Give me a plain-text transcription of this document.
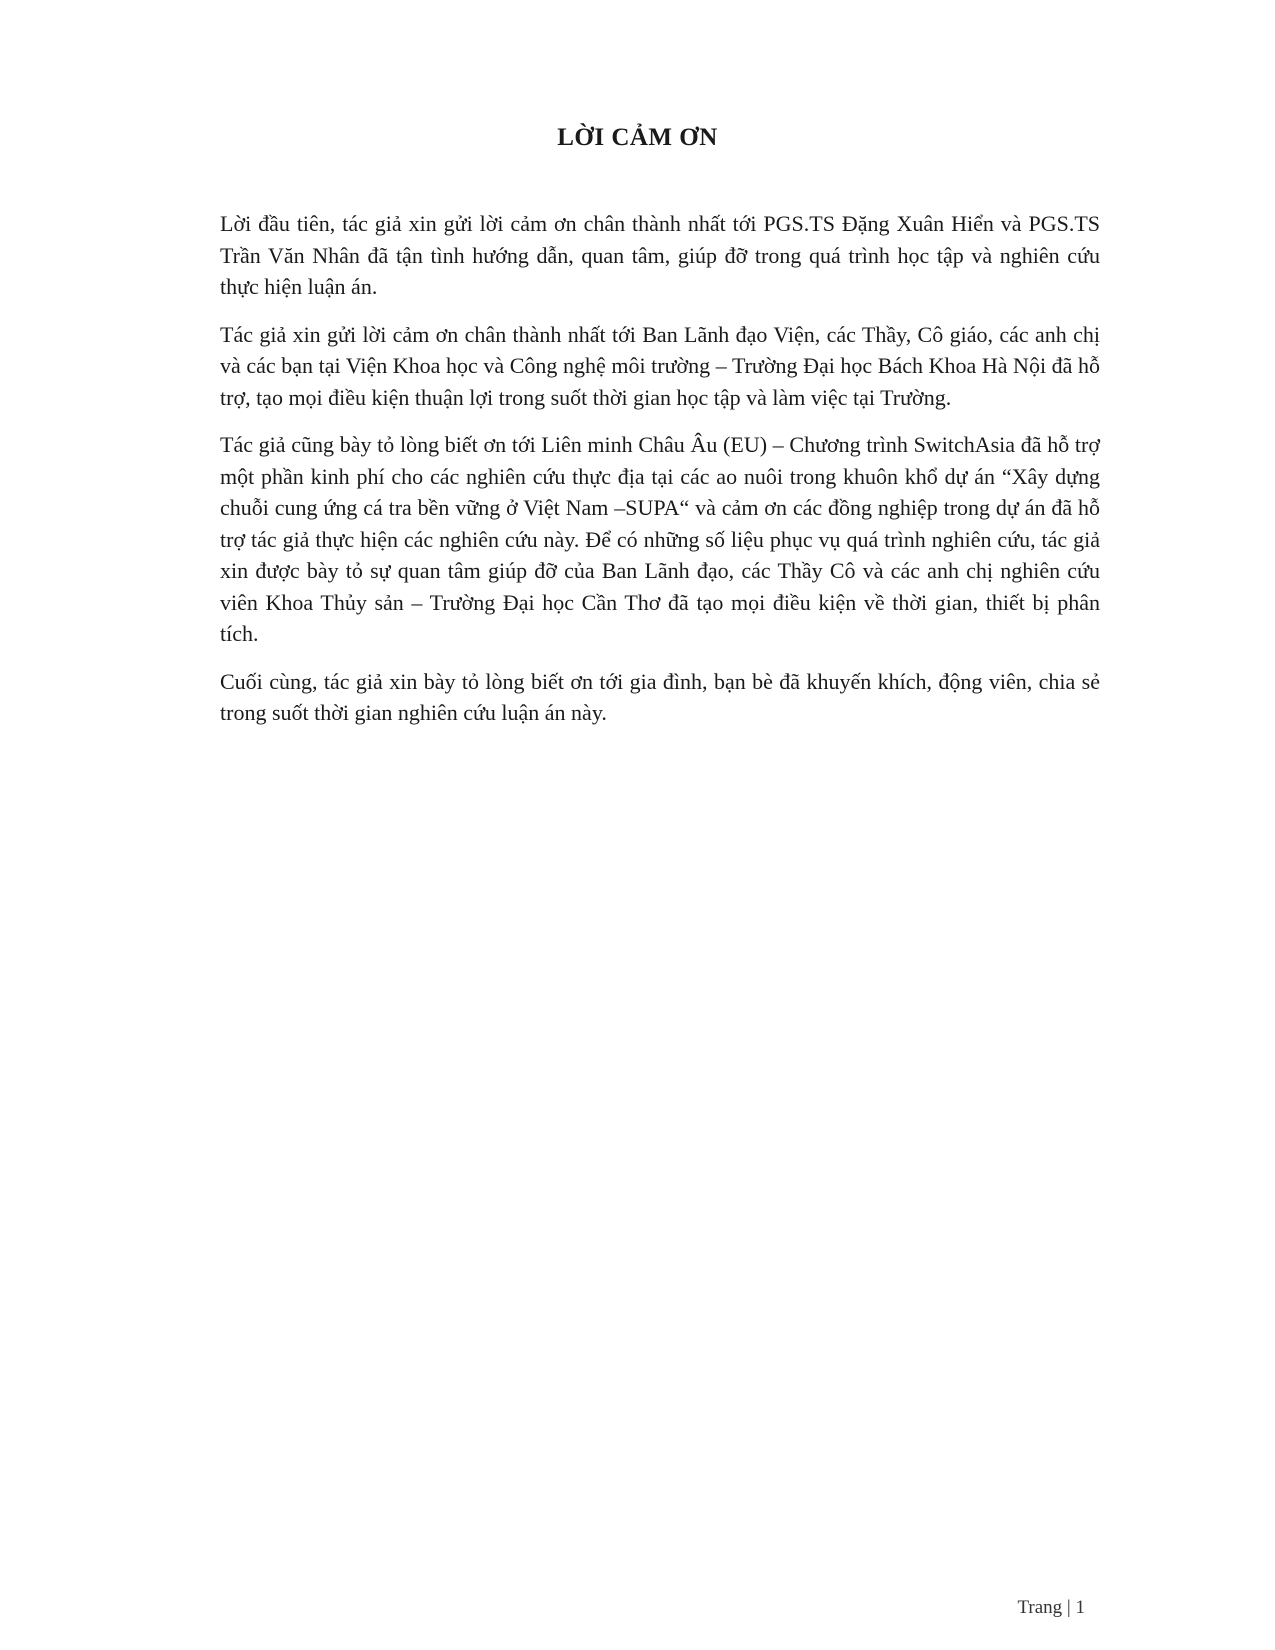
LỜI CẢM ƠN

Lời đầu tiên, tác giả xin gửi lời cảm ơn chân thành nhất tới PGS.TS Đặng Xuân Hiển và PGS.TS Trần Văn Nhân đã tận tình hướng dẫn, quan tâm, giúp đỡ trong quá trình học tập và nghiên cứu thực hiện luận án.

Tác giả xin gửi lời cảm ơn chân thành nhất tới Ban Lãnh đạo Viện, các Thầy, Cô giáo, các anh chị và các bạn tại Viện Khoa học và Công nghệ môi trường – Trường Đại học Bách Khoa Hà Nội đã hỗ trợ, tạo mọi điều kiện thuận lợi trong suốt thời gian học tập và làm việc tại Trường.

Tác giả cũng bày tỏ lòng biết ơn tới Liên minh Châu Âu (EU) – Chương trình SwitchAsia đã hỗ trợ một phần kinh phí cho các nghiên cứu thực địa tại các ao nuôi trong khuôn khổ dự án “Xây dựng chuỗi cung ứng cá tra bền vững ở Việt Nam –SUPA“ và cảm ơn các đồng nghiệp trong dự án đã hỗ trợ tác giả thực hiện các nghiên cứu này. Để có những số liệu phục vụ quá trình nghiên cứu, tác giả xin được bày tỏ sự quan tâm giúp đỡ của Ban Lãnh đạo, các Thầy Cô và các anh chị nghiên cứu viên Khoa Thủy sản – Trường Đại học Cần Thơ đã tạo mọi điều kiện về thời gian, thiết bị phân tích.

Cuối cùng, tác giả xin bày tỏ lòng biết ơn tới gia đình, bạn bè đã khuyến khích, động viên, chia sẻ trong suốt thời gian nghiên cứu luận án này.

Trang | 1
